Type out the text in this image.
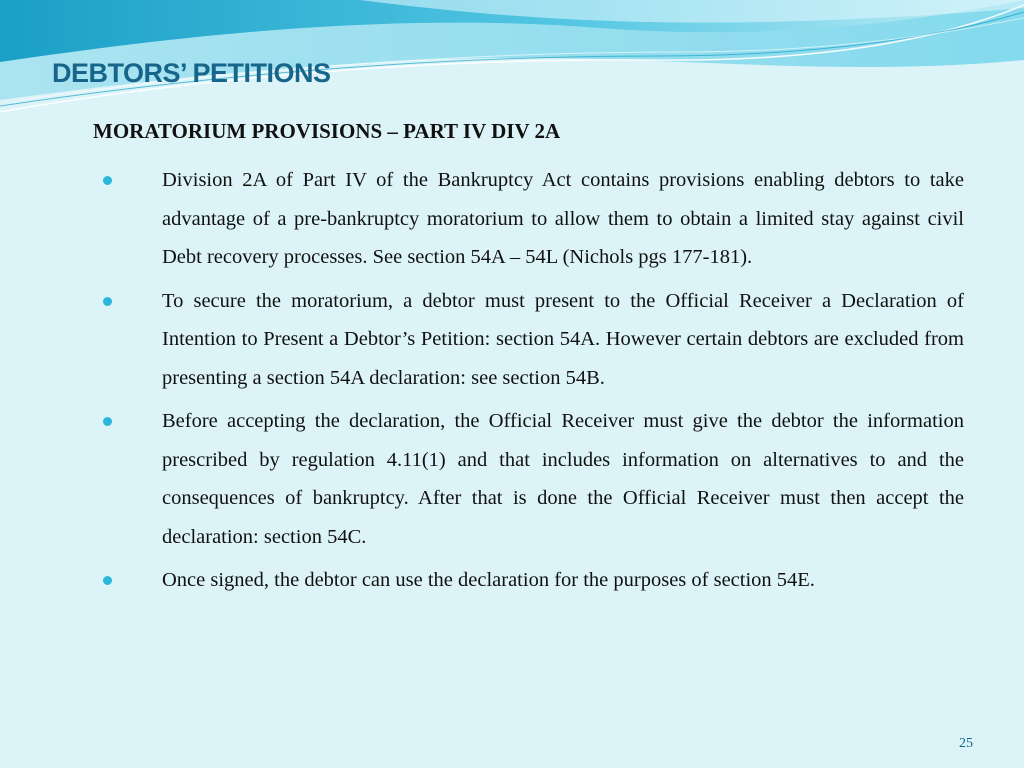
DEBTORS’ PETITIONS
MORATORIUM PROVISIONS – PART IV DIV 2A
Division 2A of Part IV of the Bankruptcy Act contains provisions enabling debtors to take advantage of a pre-bankruptcy moratorium to allow them to obtain a limited stay against civil Debt recovery processes. See section 54A – 54L (Nichols pgs 177-181).
To secure the moratorium, a debtor must present to the Official Receiver a Declaration of Intention to Present a Debtor’s Petition: section 54A. However certain debtors are excluded from presenting a section 54A declaration: see section 54B.
Before accepting the declaration, the Official Receiver must give the debtor the information prescribed by regulation 4.11(1) and that includes information on alternatives to and the consequences of bankruptcy. After that is done the Official Receiver must then accept the declaration: section 54C.
Once signed, the debtor can use the declaration for the purposes of section 54E.
25
